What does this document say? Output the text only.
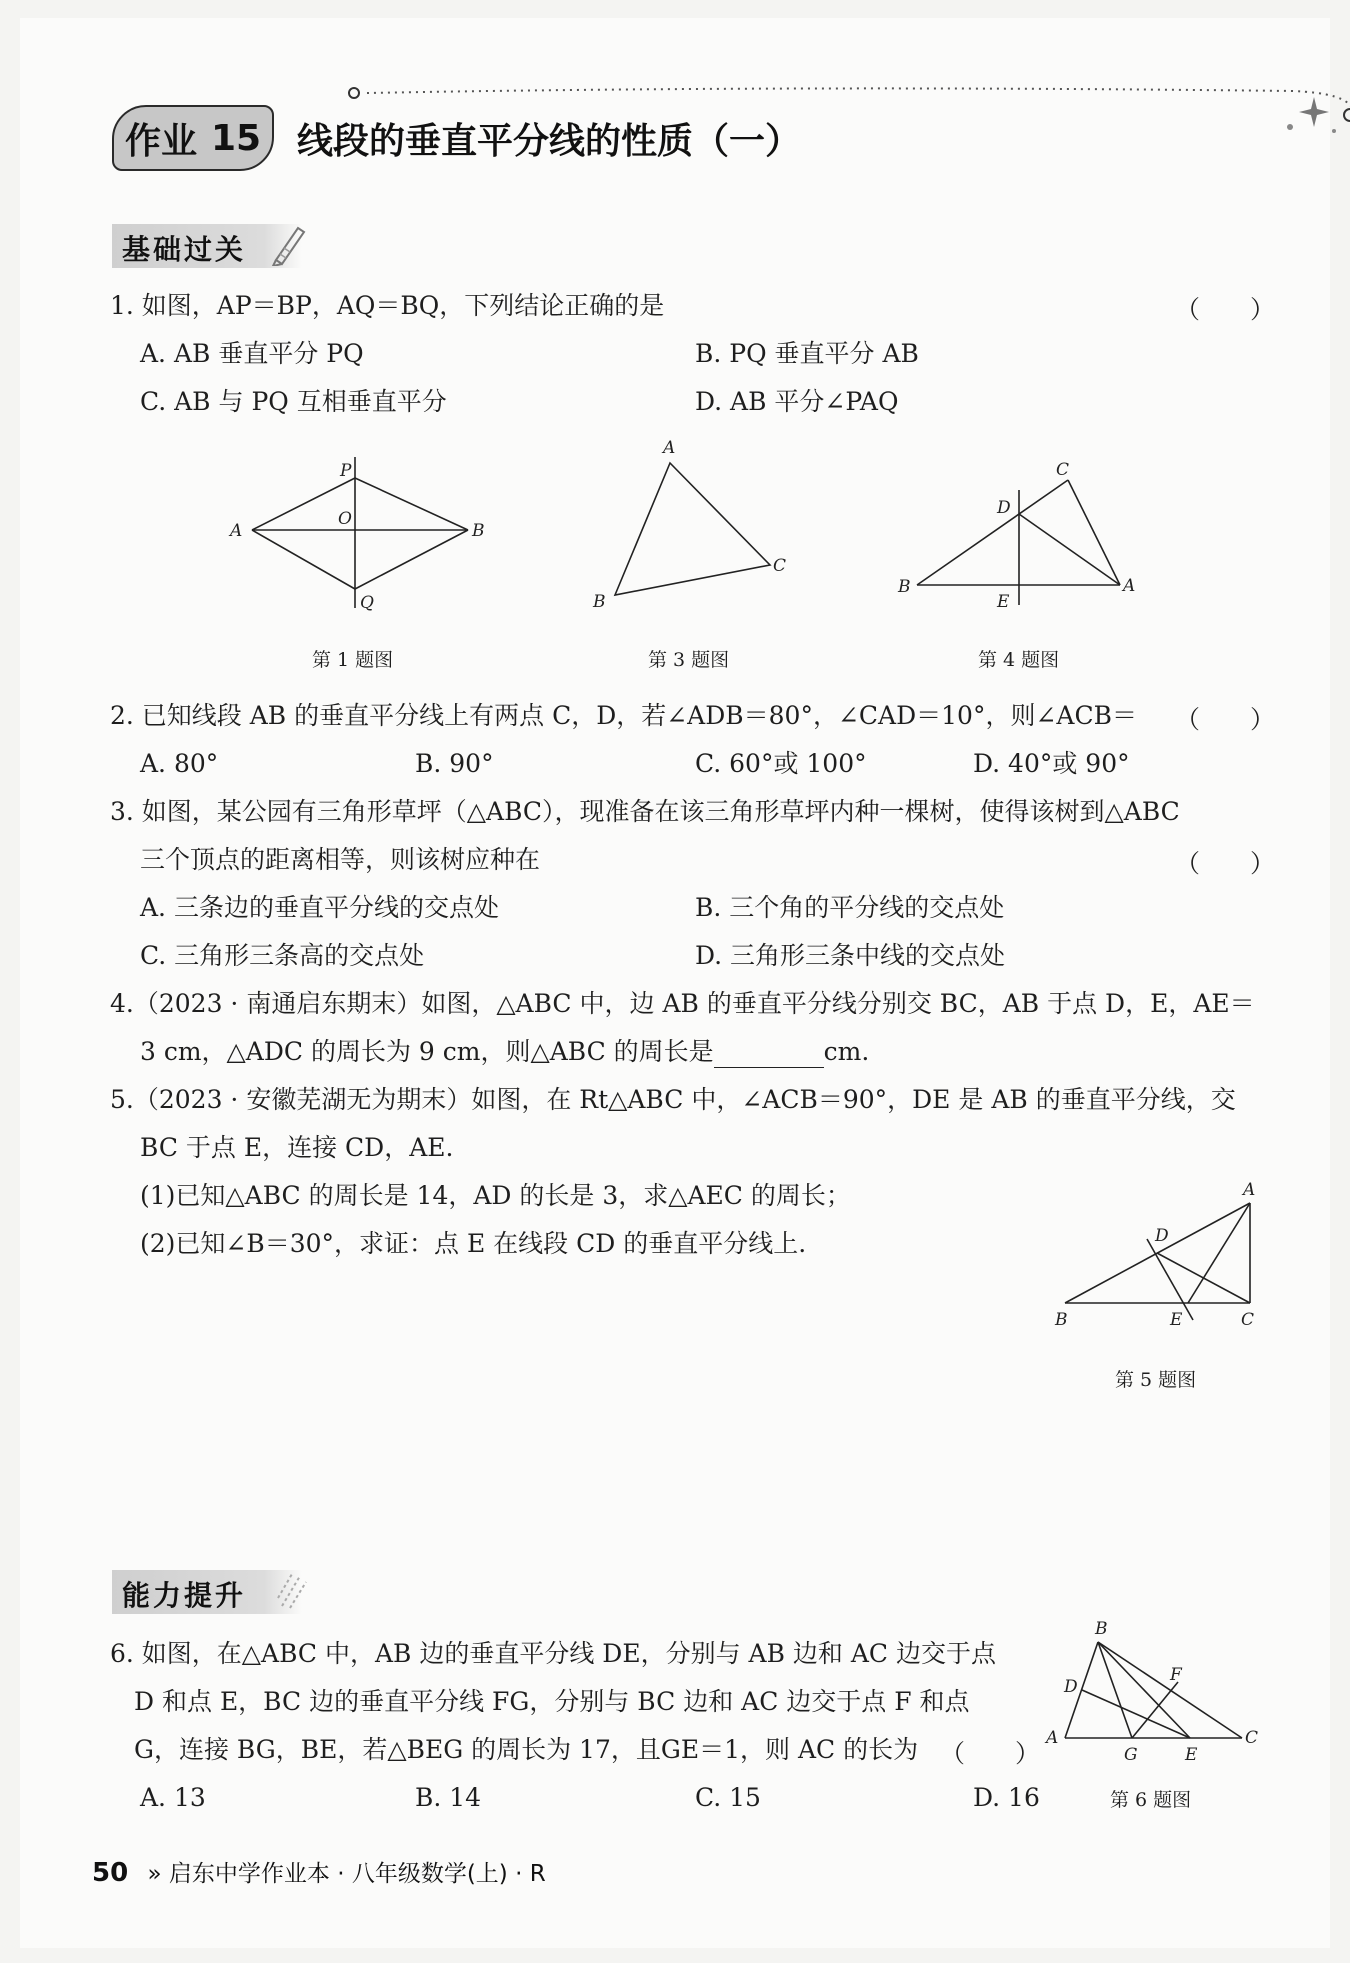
作业 15 线段的垂直平分线的性质（一）
基础过关
1. 如图，AP＝BP，AQ＝BQ，下列结论正确的是	（　　）
A. AB 垂直平分 PQ	B. PQ 垂直平分 AB
C. AB 与 PQ 互相垂直平分	D. AB 平分∠PAQ
P
A
O
B
Q
第 1 题图
A
B
C
第 3 题图
C
D
B
E
A
第 4 题图
2. 已知线段 AB 的垂直平分线上有两点 C，D，若∠ADB＝80°，∠CAD＝10°，则∠ACB＝ （　　）
A. 80°	B. 90°	C. 60°或 100°	D. 40°或 90°
3. 如图，某公园有三角形草坪（△ABC），现准备在该三角形草坪内种一棵树，使得该树到△ABC
三个顶点的距离相等，则该树应种在	（　　）
A. 三条边的垂直平分线的交点处	B. 三个角的平分线的交点处
C. 三角形三条高的交点处	D. 三角形三条中线的交点处
4.（2023 · 南通启东期末）如图，△ABC 中，边 AB 的垂直平分线分别交 BC，AB 于点 D，E，AE＝
3 cm，△ADC 的周长为 9 cm，则△ABC 的周长是	cm.
5.（2023 · 安徽芜湖无为期末）如图，在 Rt△ABC 中，∠ACB＝90°，DE 是 AB 的垂直平分线，交
BC 于点 E，连接 CD，AE.
(1)已知△ABC 的周长是 14，AD 的长是 3，求△AEC 的周长；
(2)已知∠B＝30°，求证：点 E 在线段 CD 的垂直平分线上.
A
D
B	E	C
第 5 题图
能力提升
6. 如图，在△ABC 中，AB 边的垂直平分线 DE，分别与 AB 边和 AC 边交于点
D 和点 E，BC 边的垂直平分线 FG，分别与 BC 边和 AC 边交于点 F 和点
G，连接 BG，BE，若△BEG 的周长为 17，且GE＝1，则 AC 的长为 （　　）
A. 13	B. 14	C. 15	D. 16
B
D
F
A
G	E
C
第 6 题图
50 » 启东中学作业本 · 八年级数学(上) · R
